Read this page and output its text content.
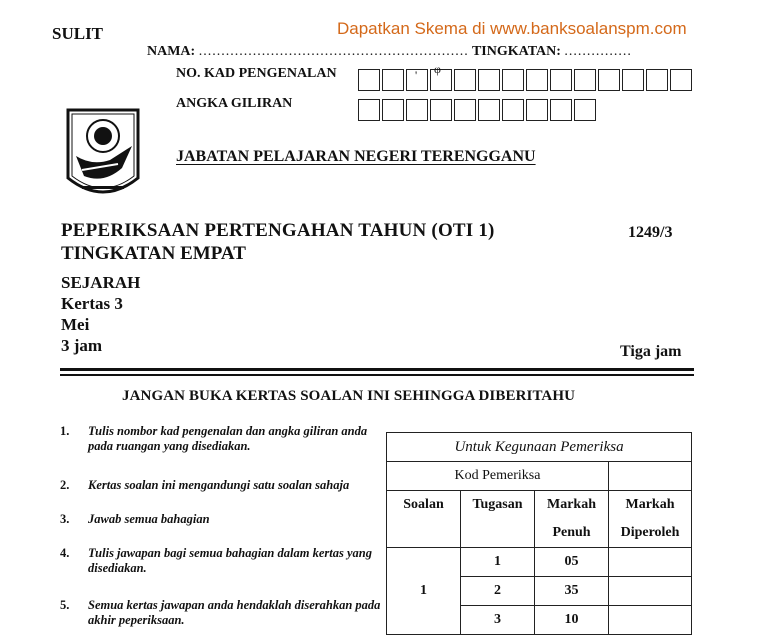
SULIT	Dapatkan Skema di www.banksoalanspm.com
NAMA: ............................................................ TINGKATAN: ...............
NO. KAD PENGENALAN
'
φ
ANGKA GILIRAN
JABATAN PELAJARAN NEGERI TERENGGANU
PEPERIKSAAN PERTENGAHAN TAHUN (OTI 1)
TINGKATAN EMPAT
1249/3
SEJARAH
Kertas 3
Mei
3 jam	Tiga jam
JANGAN BUKA KERTAS SOALAN INI SEHINGGA DIBERITAHU
1. Tulis nombor kad pengenalan dan angka giliran anda pada ruangan yang disediakan.
2. Kertas soalan ini mengandungi satu soalan sahaja
3. Jawab semua bahagian
4. Tulis jawapan bagi semua bahagian dalam kertas yang disediakan.
5. Semua kertas jawapan anda hendaklah diserahkan pada akhir peperiksaan.
Untuk Kegunaan Pemeriksa			
Kod Pemeriksa			
Soalan	Tugasan	Markah	Markah
		Penuh	Diperoleh
1	1	05	
	2	35	
	3	10	
